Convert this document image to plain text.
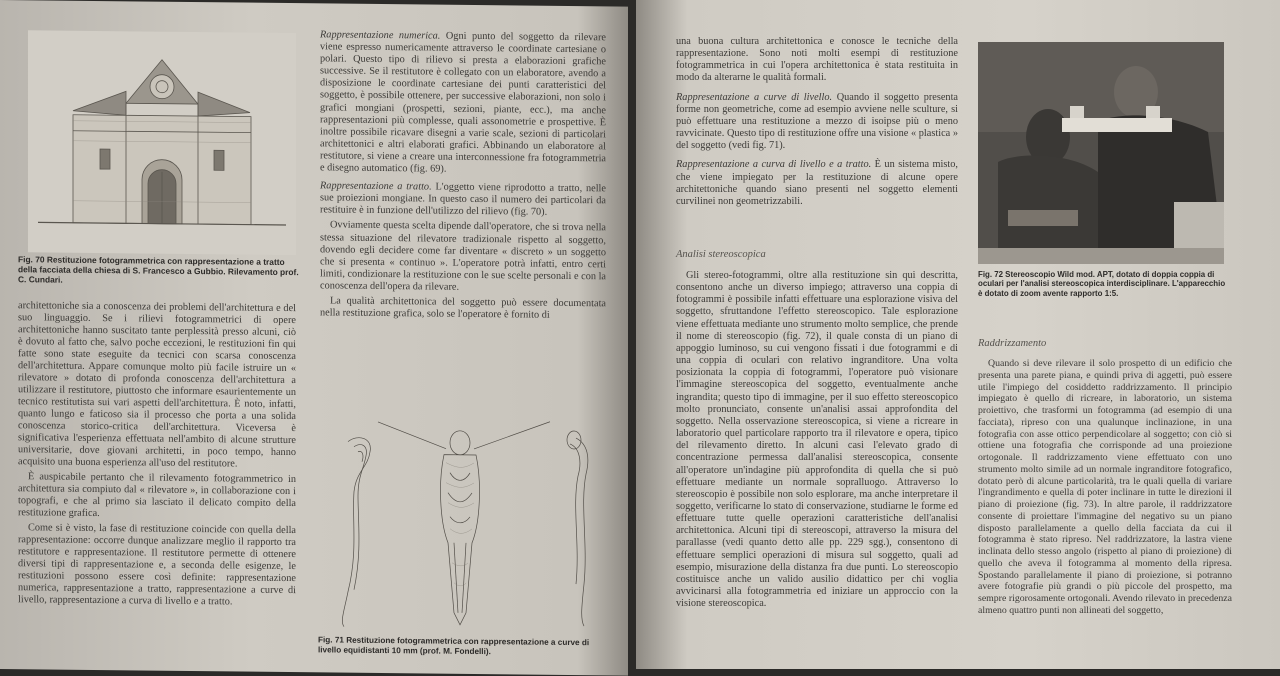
Fig. 70 Restituzione fotogrammetrica con rappresentazione a tratto della facciata della chiesa di S. Francesco a Gubbio. Rilevamento prof. C. Cundari.

architettoniche sia a conoscenza dei problemi dell'architettura e del suo linguaggio. Se i rilievi fotogrammetrici di opere architettoniche hanno suscitato tante perplessità presso alcuni, ciò è dovuto al fatto che, salvo poche eccezioni, le restituzioni fin qui fatte sono state eseguite da tecnici con scarsa conoscenza dell'architettura. Appare comunque molto più facile istruire un « rilevatore » dotato di profonda conoscenza dell'architettura a utilizzare il restitutore, piuttosto che informare esaurientemente un tecnico restitutista sui vari aspetti dell'architettura. È noto, infatti, quanto lungo e faticoso sia il processo che porta a una solida conoscenza storico-critica dell'architettura. Viceversa è significativa l'esperienza effettuata nell'ambito di alcune strutture universitarie, dove giovani architetti, in poco tempo, hanno acquisito una buona esperienza all'uso del restitutore.

È auspicabile pertanto che il rilevamento fotogrammetrico in architettura sia compiuto dal « rilevatore », in collaborazione con i topografi, e che al primo sia lasciato il delicato compito della restituzione grafica.

Come si è visto, la fase di restituzione coincide con quella della rappresentazione: occorre dunque analizzare meglio il rapporto tra restitutore e rappresentazione. Il restitutore permette di ottenere diversi tipi di rappresentazione e, a seconda delle esigenze, le restituzioni possono essere così definite: rappresentazione numerica, rappresentazione a tratto, rappresentazione a curve di livello, rappresentazione a curva di livello e a tratto.

Rappresentazione numerica. Ogni punto del soggetto da rilevare viene espresso numericamente attraverso le coordinate cartesiane o polari. Questo tipo di rilievo si presta a elaborazioni grafiche successive. Se il restitutore è collegato con un elaboratore, avendo a disposizione le coordinate cartesiane dei punti caratteristici del soggetto, è possibile ottenere, per successive elaborazioni, non solo i grafici mongiani (prospetti, sezioni, piante, ecc.), ma anche rappresentazioni più complesse, quali assonometrie e prospettive. È inoltre possibile ricavare disegni a varie scale, sezioni di particolari architettonici e altri elaborati grafici. Abbinando un elaboratore al restitutore, si viene a creare una interconnessione fra fotogrammetria e disegno automatico (fig. 69).

Rappresentazione a tratto. L'oggetto viene riprodotto a tratto, nelle sue proiezioni mongiane. In questo caso il numero dei particolari da restituire è in funzione dell'utilizzo del rilievo (fig. 70).

Ovviamente questa scelta dipende dall'operatore, che si trova nella stessa situazione del rilevatore tradizionale rispetto al soggetto, dovendo egli decidere come far diventare « discreto » un soggetto che si presenta « continuo ». L'operatore potrà infatti, entro certi limiti, condizionare la restituzione con le sue scelte personali e con la conoscenza dell'opera da rilevare.

La qualità architettonica del soggetto può essere documentata nella restituzione grafica, solo se l'operatore è fornito di

Fig. 71 Restituzione fotogrammetrica con rappresentazione a curve di livello equidistanti 10 mm (prof. M. Fondelli).

una buona cultura architettonica e conosce le tecniche della rappresentazione. Sono noti molti esempi di restituzione fotogrammetrica in cui l'opera architettonica è stata restituita in modo da alterarne le qualità formali.

Rappresentazione a curve di livello. Quando il soggetto presenta forme non geometriche, come ad esempio avviene nelle sculture, si può effettuare una restituzione a mezzo di isoipse più o meno ravvicinate. Questo tipo di restituzione offre una visione « plastica » del soggetto (vedi fig. 71).

Rappresentazione a curva di livello e a tratto. È un sistema misto, che viene impiegato per la restituzione di alcune opere architettoniche quando siano presenti nel soggetto elementi curvilinei non geometrizzabili.

Analisi stereoscopica

Gli stereo-fotogrammi, oltre alla restituzione sin qui descritta, consentono anche un diverso impiego; attraverso una coppia di fotogrammi è possibile infatti effettuare una esplorazione visiva del soggetto, sfruttandone l'effetto stereoscopico. Tale esplorazione viene effettuata mediante uno strumento molto semplice, che prende il nome di stereoscopio (fig. 72), il quale consta di un piano di appoggio luminoso, su cui vengono fissati i due fotogrammi e di una coppia di oculari con relativo ingranditore. Una volta posizionata la coppia di fotogrammi, l'operatore può visionare l'immagine stereoscopica del soggetto, eventualmente anche ingrandita; questo tipo di immagine, per il suo effetto stereoscopico molto pronunciato, consente un'analisi assai approfondita del soggetto. Nella osservazione stereoscopica, si viene a ricreare in laboratorio quel particolare rapporto tra il rilevatore e opera, tipico del rilevamento diretto. In alcuni casi l'elevato grado di concentrazione permessa dall'analisi stereoscopica, consente all'operatore un'indagine più approfondita di quella che si può effettuare mediante un normale sopralluogo. Attraverso lo stereoscopio è possibile non solo esplorare, ma anche interpretare il soggetto, verificarne lo stato di conservazione, studiarne le forme ed effettuare tutte quelle operazioni caratteristiche dell'analisi architettonica. Alcuni tipi di stereoscopi, attraverso la misura del parallasse (vedi quanto detto alle pp. 229 sgg.), consentono di effettuare semplici operazioni di misura sul soggetto, quali ad esempio, misurazione della distanza fra due punti. Lo stereoscopio costituisce anche un valido ausilio didattico per chi voglia avvicinarsi alla fotogrammetria ed iniziare un approccio con la visione stereoscopica.

Fig. 72 Stereoscopio Wild mod. APT, dotato di doppia coppia di oculari per l'analisi stereoscopica interdisciplinare. L'apparecchio è dotato di zoom avente rapporto 1:5.
Raddrizzamento

Quando si deve rilevare il solo prospetto di un edificio che presenta una parete piana, e quindi priva di aggetti, può essere utile l'impiego del cosiddetto raddrizzamento. Il principio impiegato è quello di ricreare, in laboratorio, un sistema proiettivo, che trasformi un fotogramma (ad esempio di una facciata), ripreso con una qualunque inclinazione, in una fotografia con asse ottico perpendicolare al soggetto; con ciò si ottiene una fotografia che corrisponde ad una proiezione ortogonale. Il raddrizzamento viene effettuato con uno strumento molto simile ad un normale ingranditore fotografico, dotato però di alcune particolarità, tra le quali quella di variare l'ingrandimento e quella di poter inclinare in tutte le direzioni il piano di proiezione (fig. 73). In altre parole, il raddrizzatore consente di proiettare l'immagine del negativo su un piano disposto parallelamente a quello della facciata da cui il fotogramma è stato ripreso. Nel raddrizzatore, la lastra viene inclinata dello stesso angolo (rispetto al piano di proiezione) di quello che aveva il fotogramma al momento della ripresa. Spostando parallelamente il piano di proiezione, si potranno avere fotografie più grandi o più piccole del prospetto, ma sempre rigorosamente ortogonali. Avendo rilevato in precedenza almeno quattro punti non allineati del soggetto,
